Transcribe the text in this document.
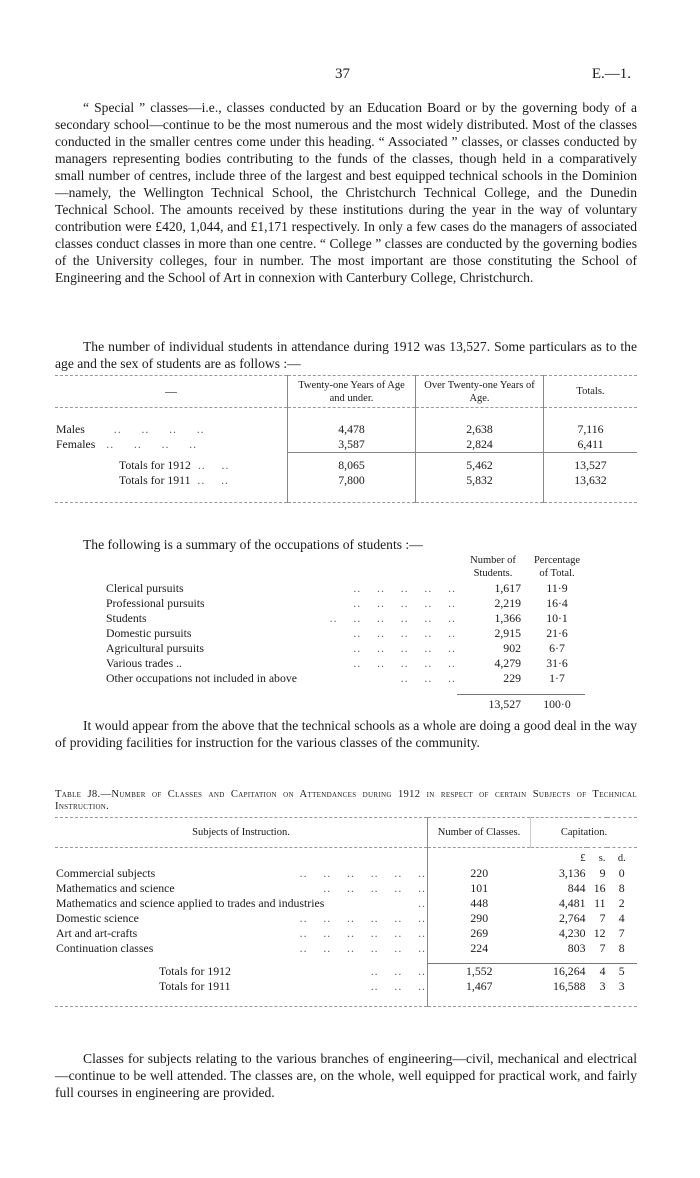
37	E.—1.

“ Special ” classes—i.e., classes conducted by an Education Board or by the governing body of a secondary school—continue to be the most numerous and the most widely distributed. Most of the classes conducted in the smaller centres come under this heading. “ Associated ” classes, or classes conducted by managers representing bodies contributing to the funds of the classes, though held in a comparatively small number of centres, include three of the largest and best equipped technical schools in the Dominion—namely, the Wellington Technical School, the Christchurch Technical College, and the Dunedin Technical School. The amounts received by these institutions during the year in the way of voluntary contribution were £420, 1,044, and £1,171 respectively. In only a few cases do the managers of associated classes conduct classes in more than one centre. “ College ” classes are conducted by the governing bodies of the University colleges, four in number. The most important are those constituting the School of Engineering and the School of Art in connexion with Canterbury College, Christchurch.

The number of individual students in attendance during 1912 was 13,527. Some particulars as to the age and the sex of students are as follows :—

—	Twenty-one Years of Age and under.	Over Twenty-one Years of Age.	Totals.

Males ..     ..     ..     ..	4,478	2,638	7,116
Females ..     ..     ..     ..	3,587	2,824	6,411

Totals for 1912  ..    ..	8,065	5,462	13,527
Totals for 1911  ..    ..	7,800	5,832	13,632

The following is a summary of the occupations of students :—

	Number of Students.	Percentage of Total.
Clerical pursuits ..    ..    ..    ..    ..	1,617	11·9
Professional pursuits ..    ..    ..    ..    ..	2,219	16·4
Students ..    ..    ..    ..    ..    ..	1,366	10·1
Domestic pursuits ..    ..    ..    ..    ..	2,915	21·6
Agricultural pursuits ..    ..    ..    ..    ..	902	6·7
Various trades .. ..    ..    ..    ..    ..	4,279	31·6
Other occupations not included in above ..    ..    ..	229	1·7

	13,527	100·0

It would appear from the above that the technical schools as a whole are doing a good deal in the way of providing facilities for instruction for the various classes of the community.

Table J8.—Number of Classes and Capitation on Attendances during 1912 in respect of certain Subjects of Technical Instruction.
Subjects of Instruction.	Number of Classes.	Capitation.		
		£	s.	d.
Commercial subjects ..    ..    ..    ..    ..    ..	220	3,136	9	0
Mathematics and science ..    ..    ..    ..    ..	101	844	16	8
Mathematics and science applied to trades and industries ..	448	4,481	11	2
Domestic science ..    ..    ..    ..    ..    ..	290	2,764	7	4
Art and art-crafts ..    ..    ..    ..    ..    ..	269	4,230	12	7
Continuation classes ..    ..    ..    ..    ..    ..	224	803	7	8

Totals for 1912 ..    ..    ..	1,552	16,264	4	5
Totals for 1911 ..    ..    ..	1,467	16,588	3	3

Classes for subjects relating to the various branches of engineering—civil, mechanical and electrical—continue to be well attended. The classes are, on the whole, well equipped for practical work, and fairly full courses in engineering are provided.
